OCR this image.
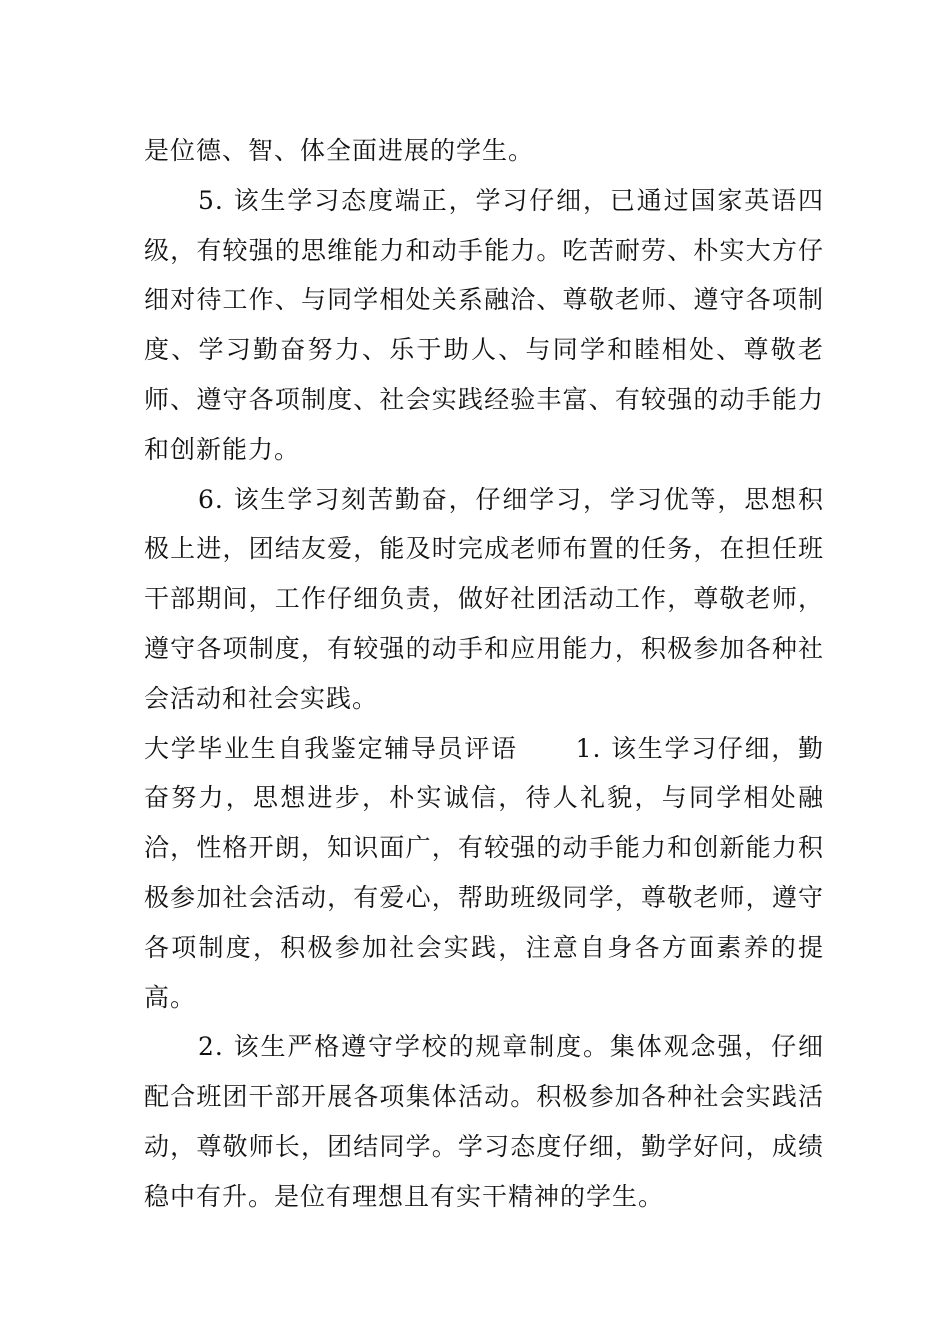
是位德、智、体全面进展的学生。

5. 该生学习态度端正，学习仔细，已通过国家英语四级，有较强的思维能力和动手能力。吃苦耐劳、朴实大方仔细对待工作、与同学相处关系融洽、尊敬老师、遵守各项制度、学习勤奋努力、乐于助人、与同学和睦相处、尊敬老师、遵守各项制度、社会实践经验丰富、有较强的动手能力和创新能力。

6. 该生学习刻苦勤奋，仔细学习，学习优等，思想积极上进，团结友爱，能及时完成老师布置的任务，在担任班干部期间，工作仔细负责，做好社团活动工作，尊敬老师，遵守各项制度，有较强的动手和应用能力，积极参加各种社会活动和社会实践。

大学毕业生自我鉴定辅导员评语 1. 该生学习仔细，勤奋努力，思想进步，朴实诚信，待人礼貌，与同学相处融洽，性格开朗，知识面广，有较强的动手能力和创新能力积极参加社会活动，有爱心，帮助班级同学，尊敬老师，遵守各项制度，积极参加社会实践，注意自身各方面素养的提高。

2. 该生严格遵守学校的规章制度。集体观念强，仔细配合班团干部开展各项集体活动。积极参加各种社会实践活动，尊敬师长，团结同学。学习态度仔细，勤学好问，成绩稳中有升。是位有理想且有实干精神的学生。
